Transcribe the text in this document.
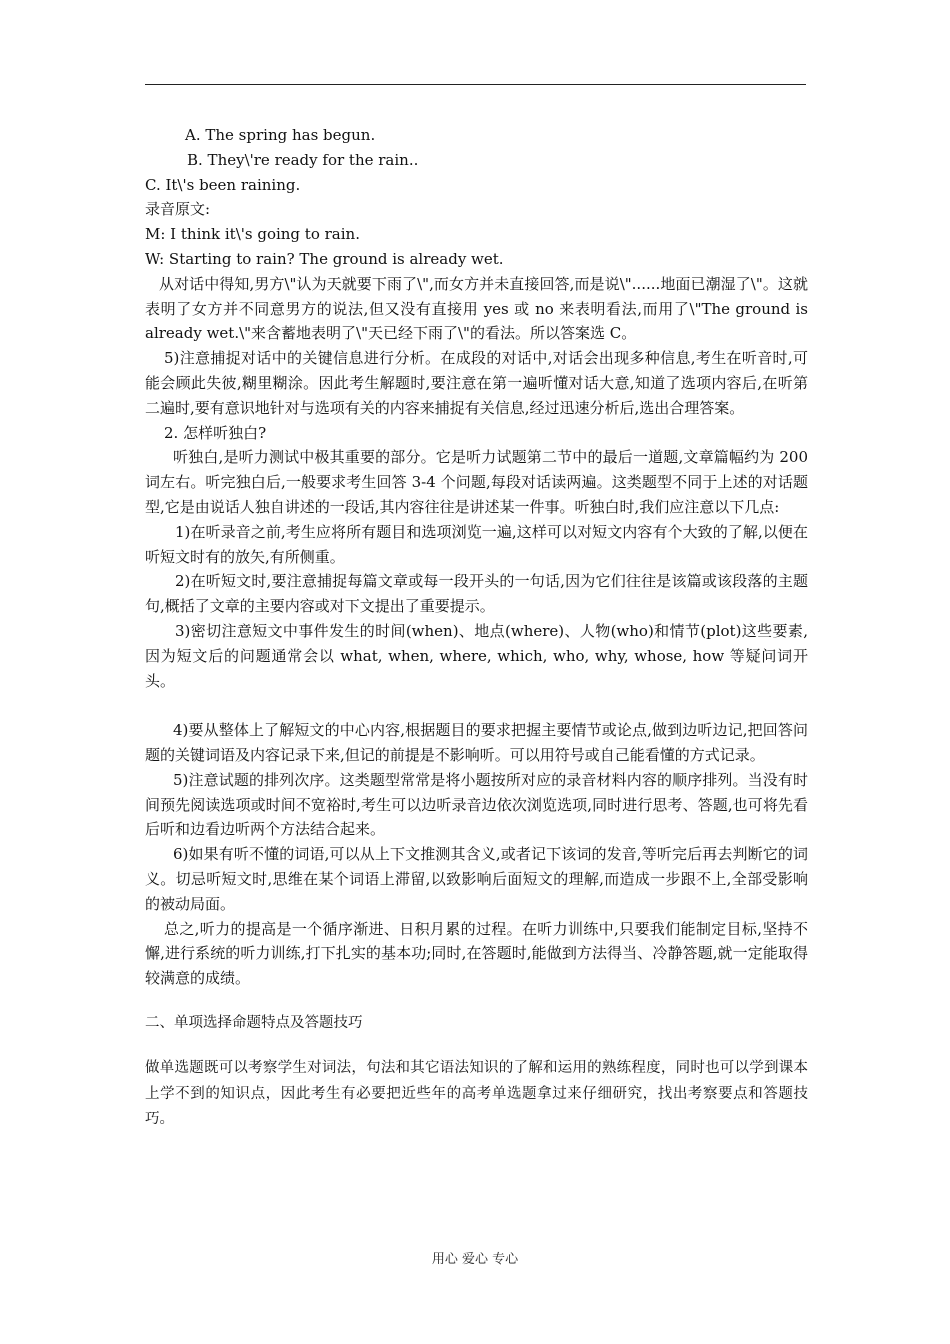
A. The spring has begun.

B. They\'re ready for the rain..

C. It\'s been raining.

录音原文:

M: I think it\'s going to rain.

W: Starting to rain? The ground is already wet.

从对话中得知,男方\"认为天就要下雨了\",而女方并未直接回答,而是说\"......地面已潮湿了\"。这就表明了女方并不同意男方的说法,但又没有直接用 yes 或 no 来表明看法,而用了\"The ground is already wet.\"来含蓄地表明了\"天已经下雨了\"的看法。所以答案选 C。

5)注意捕捉对话中的关键信息进行分析。在成段的对话中,对话会出现多种信息,考生在听音时,可能会顾此失彼,糊里糊涂。因此考生解题时,要注意在第一遍听懂对话大意,知道了选项内容后,在听第二遍时,要有意识地针对与选项有关的内容来捕捉有关信息,经过迅速分析后,选出合理答案。

2. 怎样听独白?

听独白,是听力测试中极其重要的部分。它是听力试题第二节中的最后一道题,文章篇幅约为 200 词左右。听完独白后,一般要求考生回答 3-4 个问题,每段对话读两遍。这类题型不同于上述的对话题型,它是由说话人独自讲述的一段话,其内容往往是讲述某一件事。听独白时,我们应注意以下几点:

1)在听录音之前,考生应将所有题目和选项浏览一遍,这样可以对短文内容有个大致的了解,以便在听短文时有的放矢,有所侧重。

2)在听短文时,要注意捕捉每篇文章或每一段开头的一句话,因为它们往往是该篇或该段落的主题句,概括了文章的主要内容或对下文提出了重要提示。

3)密切注意短文中事件发生的时间(when)、地点(where)、人物(who)和情节(plot)这些要素,因为短文后的问题通常会以 what, when, where, which, who, why, whose, how 等疑问词开头。

4)要从整体上了解短文的中心内容,根据题目的要求把握主要情节或论点,做到边听边记,把回答问题的关键词语及内容记录下来,但记的前提是不影响听。可以用符号或自己能看懂的方式记录。

5)注意试题的排列次序。这类题型常常是将小题按所对应的录音材料内容的顺序排列。当没有时间预先阅读选项或时间不宽裕时,考生可以边听录音边依次浏览选项,同时进行思考、答题,也可将先看后听和边看边听两个方法结合起来。

6)如果有听不懂的词语,可以从上下文推测其含义,或者记下该词的发音,等听完后再去判断它的词义。切忌听短文时,思维在某个词语上滞留,以致影响后面短文的理解,而造成一步跟不上,全部受影响的被动局面。

总之,听力的提高是一个循序渐进、日积月累的过程。在听力训练中,只要我们能制定目标,坚持不懈,进行系统的听力训练,打下扎实的基本功;同时,在答题时,能做到方法得当、冷静答题,就一定能取得较满意的成绩。

二、单项选择命题特点及答题技巧

做单选题既可以考察学生对词法，句法和其它语法知识的了解和运用的熟练程度，同时也可以学到课本上学不到的知识点，因此考生有必要把近些年的高考单选题拿过来仔细研究，找出考察要点和答题技巧。

用心 爱心 专心
